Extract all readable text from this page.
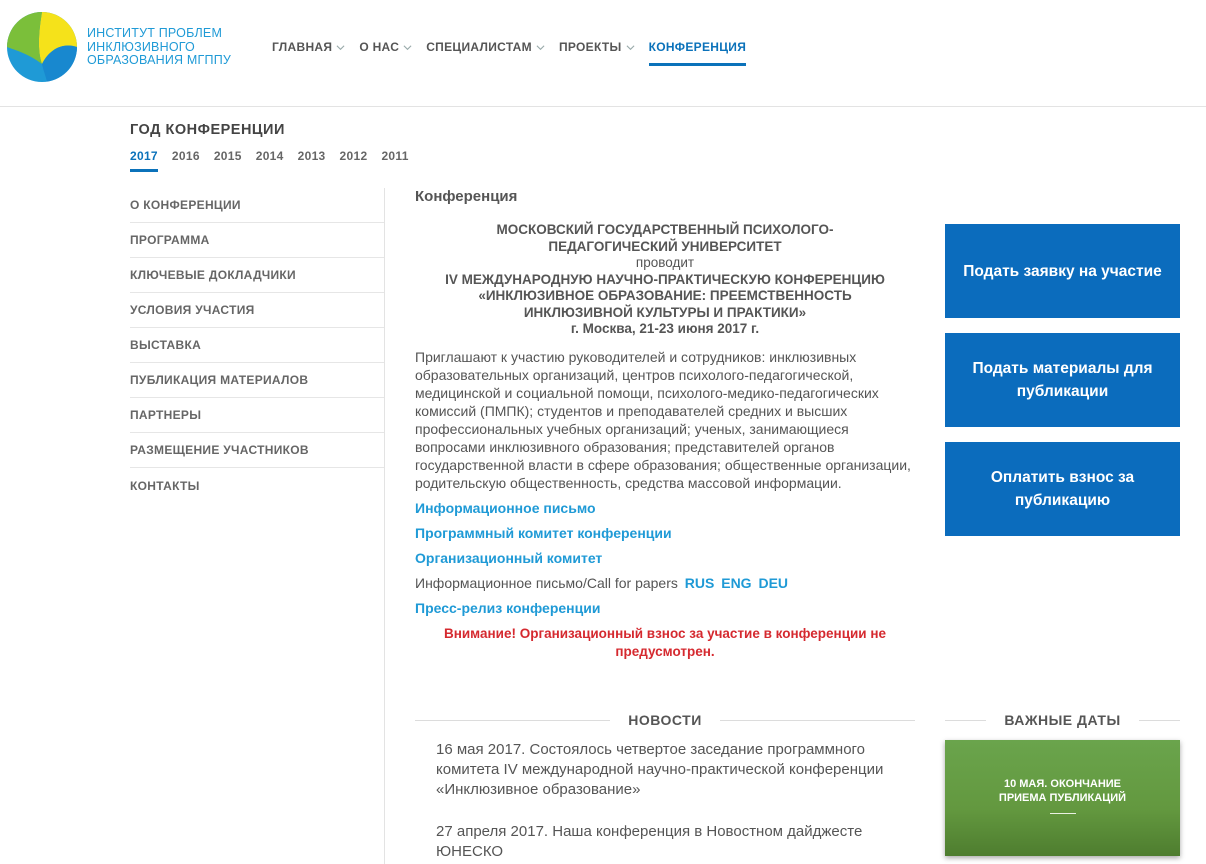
ИНСТИТУТ ПРОБЛЕМ
ИНКЛЮЗИВНОГО
ОБРАЗОВАНИЯ МГППУ
ГЛАВНАЯ О НАС СПЕЦИАЛИСТАМ ПРОЕКТЫ КОНФЕРЕНЦИЯ
ГОД КОНФЕРЕНЦИИ
2017 2016 2015 2014 2013 2012 2011
О КОНФЕРЕНЦИИ
ПРОГРАММА
КЛЮЧЕВЫЕ ДОКЛАДЧИКИ
УСЛОВИЯ УЧАСТИЯ
ВЫСТАВКА
ПУБЛИКАЦИЯ МАТЕРИАЛОВ
ПАРТНЕРЫ
РАЗМЕЩЕНИЕ УЧАСТНИКОВ
КОНТАКТЫ
Конференция
МОСКОВСКИЙ ГОСУДАРСТВЕННЫЙ ПСИХОЛОГО-
ПЕДАГОГИЧЕСКИЙ УНИВЕРСИТЕТ
проводит
IV МЕЖДУНАРОДНУЮ НАУЧНО-ПРАКТИЧЕСКУЮ КОНФЕРЕНЦИЮ
«ИНКЛЮЗИВНОЕ ОБРАЗОВАНИЕ: ПРЕЕМСТВЕННОСТЬ
ИНКЛЮЗИВНОЙ КУЛЬТУРЫ И ПРАКТИКИ»
г. Москва, 21-23 июня 2017 г.

Приглашают к участию руководителей и сотрудников: инклюзивных образовательных организаций, центров психолого-педагогической, медицинской и социальной помощи, психолого-медико-педагогических комиссий (ПМПК); студентов и преподавателей средних и высших профессиональных учебных организаций; ученых, занимающиеся вопросами инклюзивного образования; представителей органов государственной власти в сфере образования; общественные организации, родительскую общественность, средства массовой информации.

Информационное письмо
Программный комитет конференции
Организационный комитет
Информационное письмо/Call for papers RUS ENG DEU
Пресс-релиз конференции
Внимание! Организационный взнос за участие в конференции не предусмотрен.
НОВОСТИ
16 мая 2017. Состоялось четвертое заседание программного комитета IV международной научно-практической конференции «Инклюзивное образование»
27 апреля 2017. Наша конференция в Новостном дайджесте ЮНЕСКО
Подать заявку на участие
Подать материалы для публикации
Оплатить взнос за публикацию
ВАЖНЫЕ ДАТЫ
10 МАЯ. ОКОНЧАНИЕ
ПРИЕМА ПУБЛИКАЦИЙ
